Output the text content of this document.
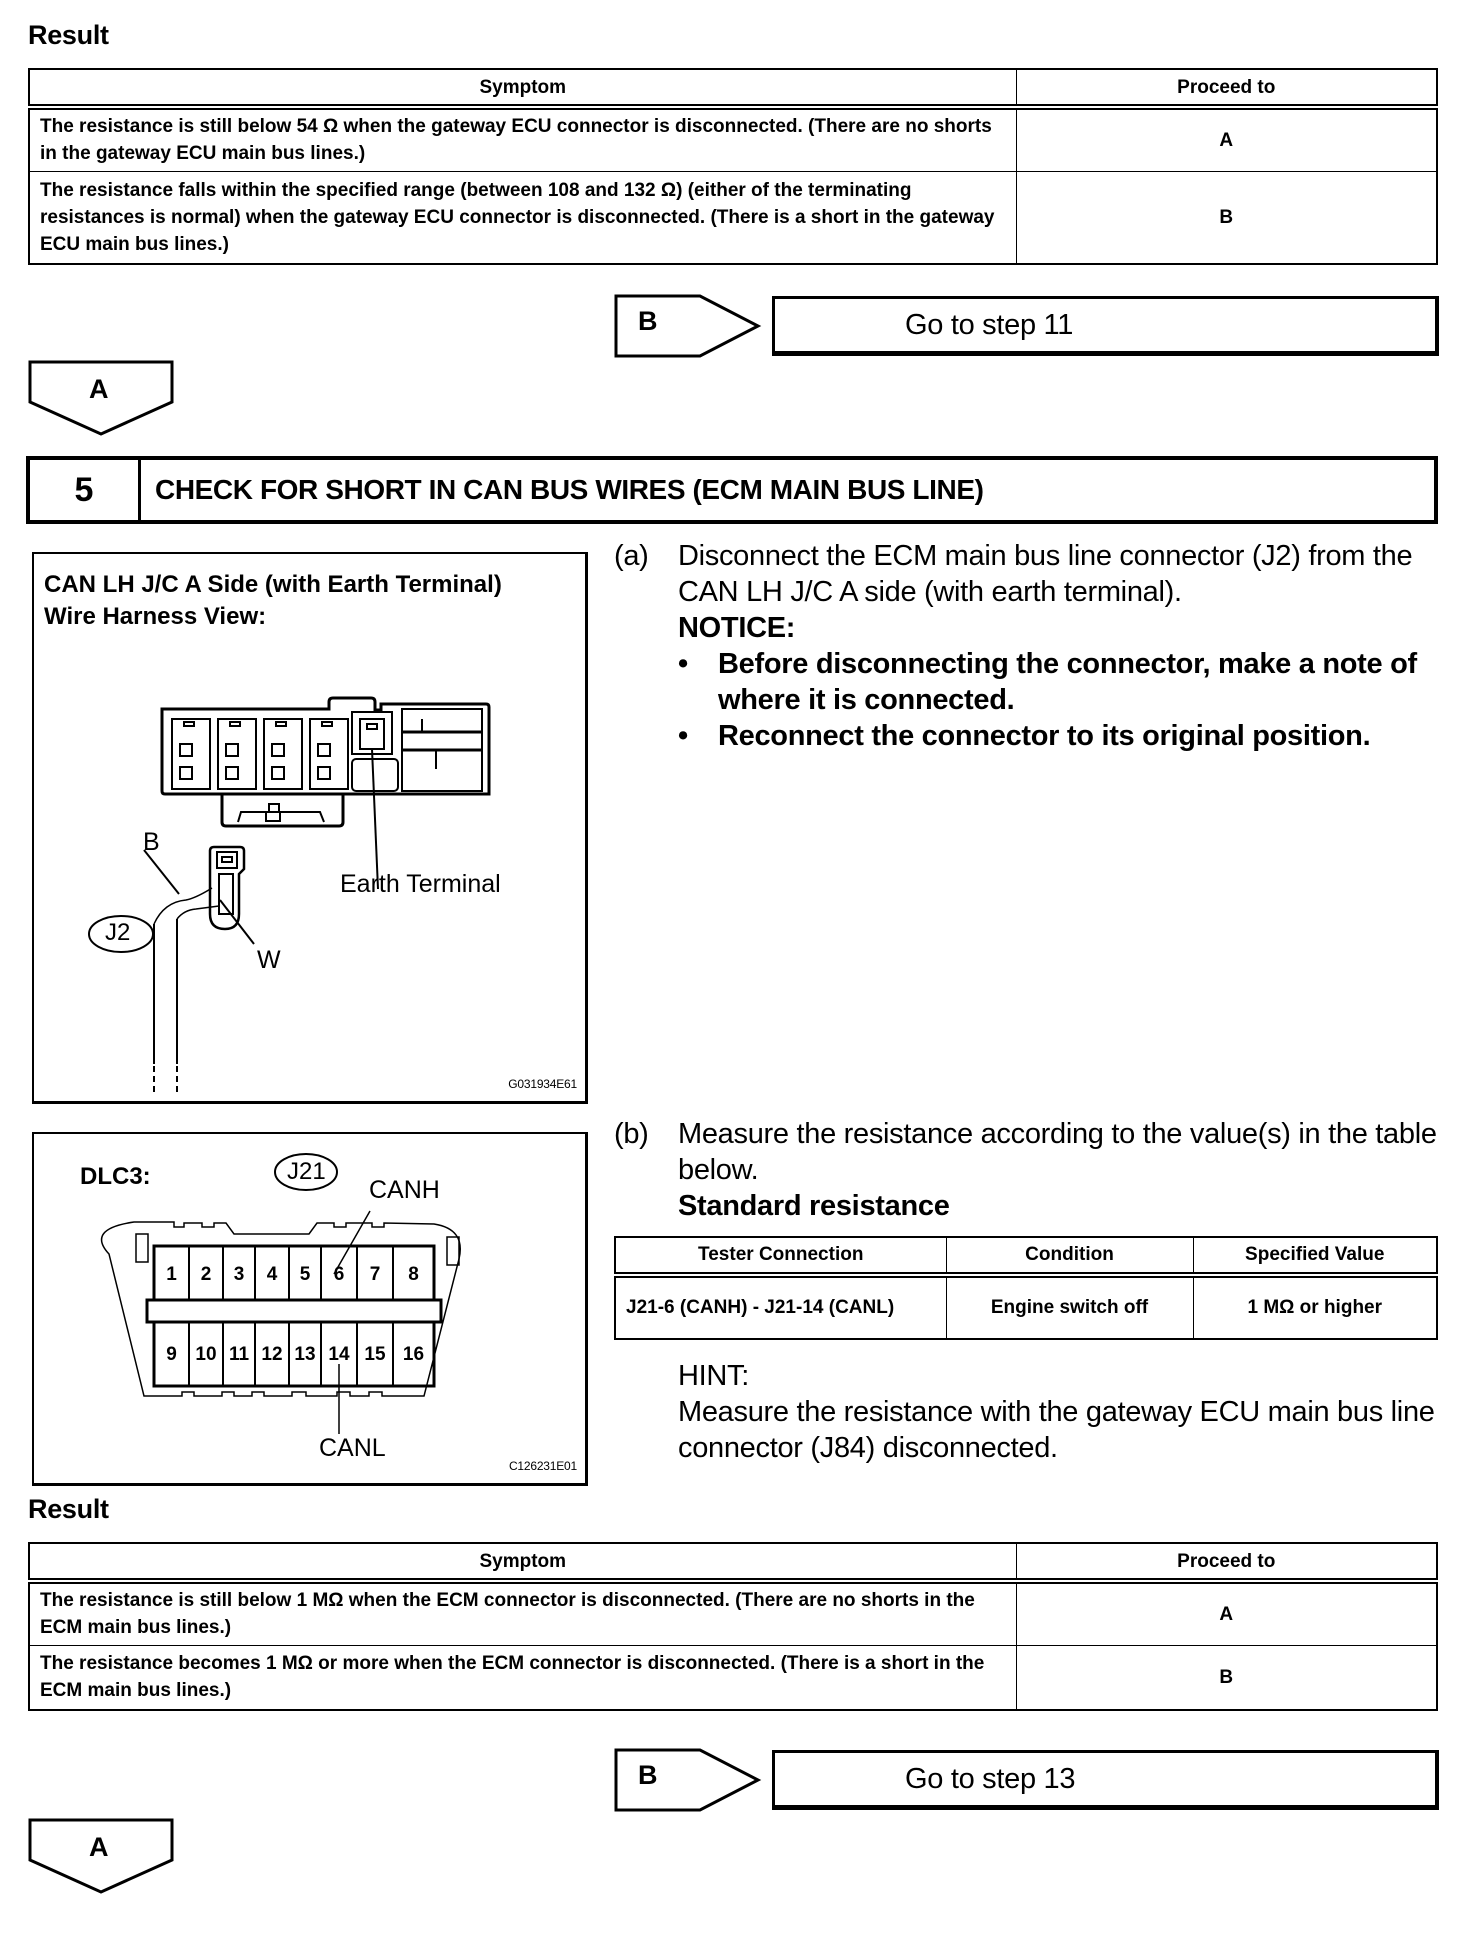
Result
Symptom	Proceed to
The resistance is still below 54 Ω when the gateway ECU connector is disconnected. (There are no shorts in the gateway ECU main bus lines.)	A
The resistance falls within the specified range (between 108 and 132 Ω) (either of the terminating resistances is normal) when the gateway ECU connector is disconnected. (There is a short in the gateway ECU main bus lines.)	B
B	Go to step 11
A
5	CHECK FOR SHORT IN CAN BUS WIRES (ECM MAIN BUS LINE)
CAN LH J/C A Side (with Earth Terminal)
Wire Harness View:
B
W
J2
Earth Terminal
G031934E61
(a) Disconnect the ECM main bus line connector (J2) from the CAN LH J/C A side (with earth terminal).
NOTICE:
• Before disconnecting the connector, make a note of where it is connected.
• Reconnect the connector to its original position.
DLC3:	J21
CANH
CANL
1	2	3	4	5	6	7	8
9 10 11 12 13 14 15 16
C126231E01
(b) Measure the resistance according to the value(s) in the table below.
Standard resistance
Tester Connection	Condition	Specified Value
J21-6 (CANH) - J21-14 (CANL)	Engine switch off	1 MΩ or higher
HINT:
Measure the resistance with the gateway ECU main bus line connector (J84) disconnected.
Result
Symptom	Proceed to
The resistance is still below 1 MΩ when the ECM connector is disconnected. (There are no shorts in the ECM main bus lines.)	A
The resistance becomes 1 MΩ or more when the ECM connector is disconnected. (There is a short in the ECM main bus lines.)	B
B	Go to step 13
A
